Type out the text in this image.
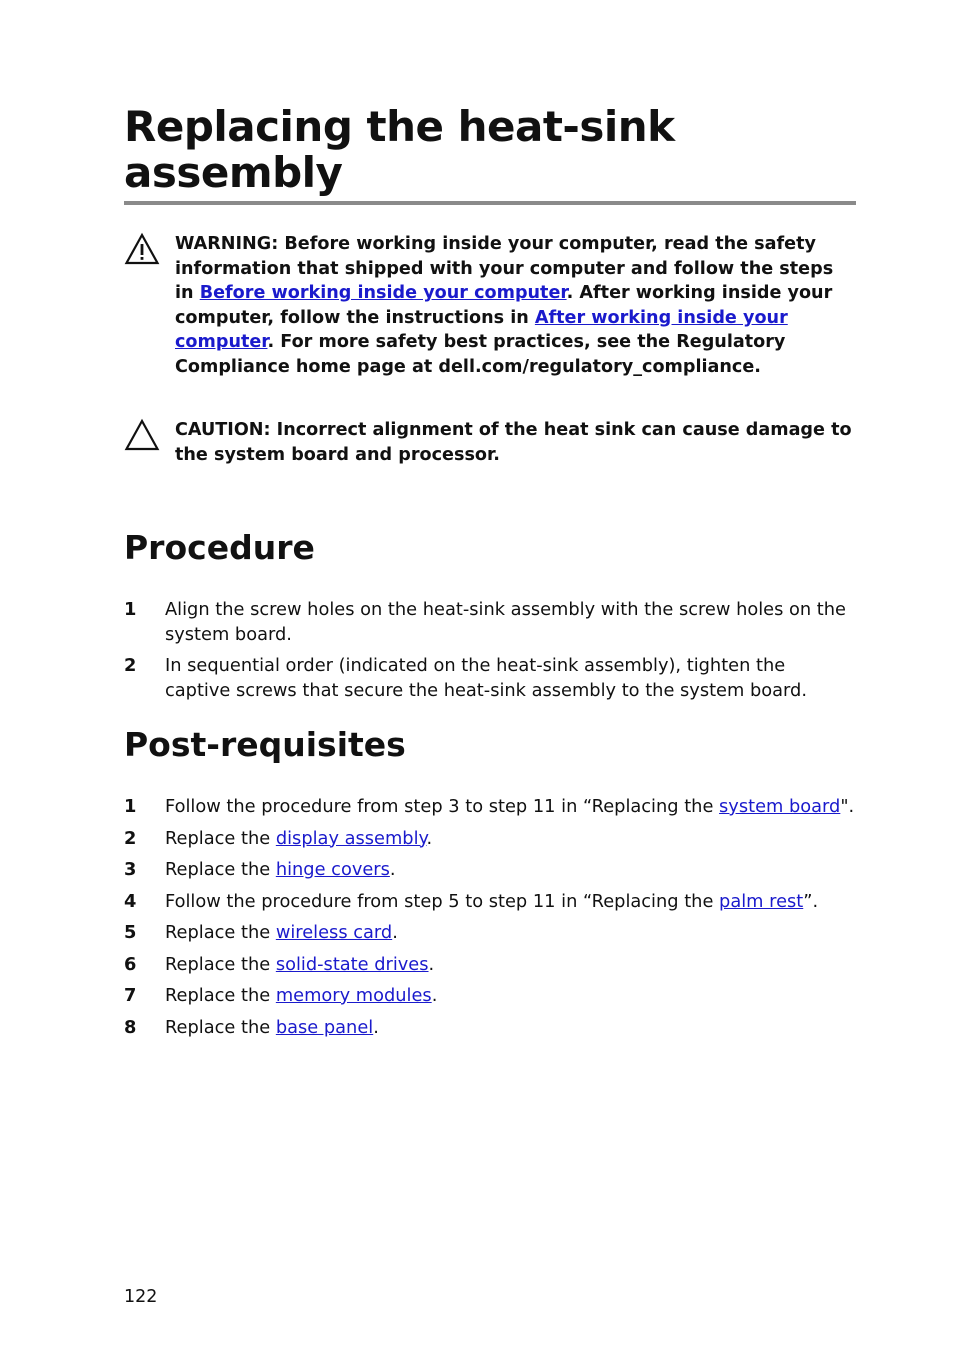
Replacing the heat-sink assembly
WARNING: Before working inside your computer, read the safety information that shipped with your computer and follow the steps in Before working inside your computer. After working inside your computer, follow the instructions in After working inside your computer. For more safety best practices, see the Regulatory Compliance home page at dell.com/regulatory_compliance.
CAUTION: Incorrect alignment of the heat sink can cause damage to the system board and processor.
Procedure
1 Align the screw holes on the heat-sink assembly with the screw holes on the system board.
2 In sequential order (indicated on the heat-sink assembly), tighten the captive screws that secure the heat-sink assembly to the system board.
Post-requisites
1 Follow the procedure from step 3 to step 11 in “Replacing the system board".
2 Replace the display assembly.
3 Replace the hinge covers.
4 Follow the procedure from step 5 to step 11 in “Replacing the palm rest”.
5 Replace the wireless card.
6 Replace the solid-state drives.
7 Replace the memory modules.
8 Replace the base panel.
122
